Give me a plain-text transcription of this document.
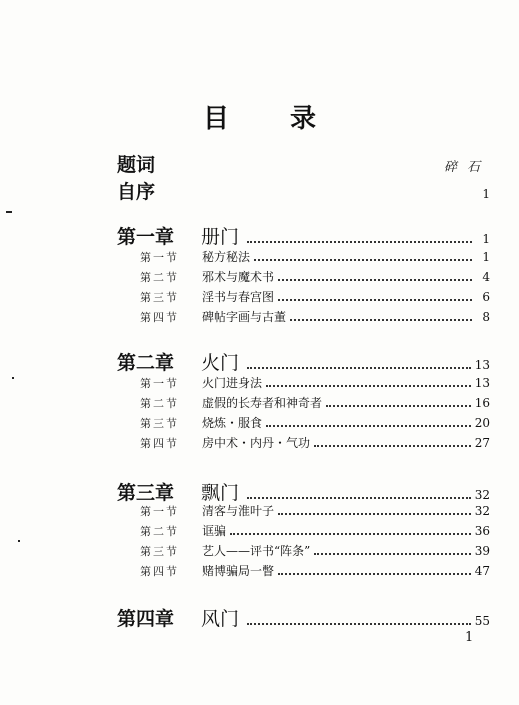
目 录
题词	碎石
自序	1
第一章	册门	1
第一节	秘方秘法	1
第二节	邪术与魔术书	4
第三节	淫书与春宫图	6
第四节	碑帖字画与古董	8
第二章	火门	13
第一节	火门进身法	13
第二节	虚假的长寿者和神奇者	16
第三节	烧炼・服食	20
第四节	房中术・内丹・气功	27
第三章	飘门	32
第一节	清客与淮叶子	32
第二节	诓骗	36
第三节	艺人——评书“阵条”	39
第四节	赌博骗局一瞥	47
第四章	风门	55
1
